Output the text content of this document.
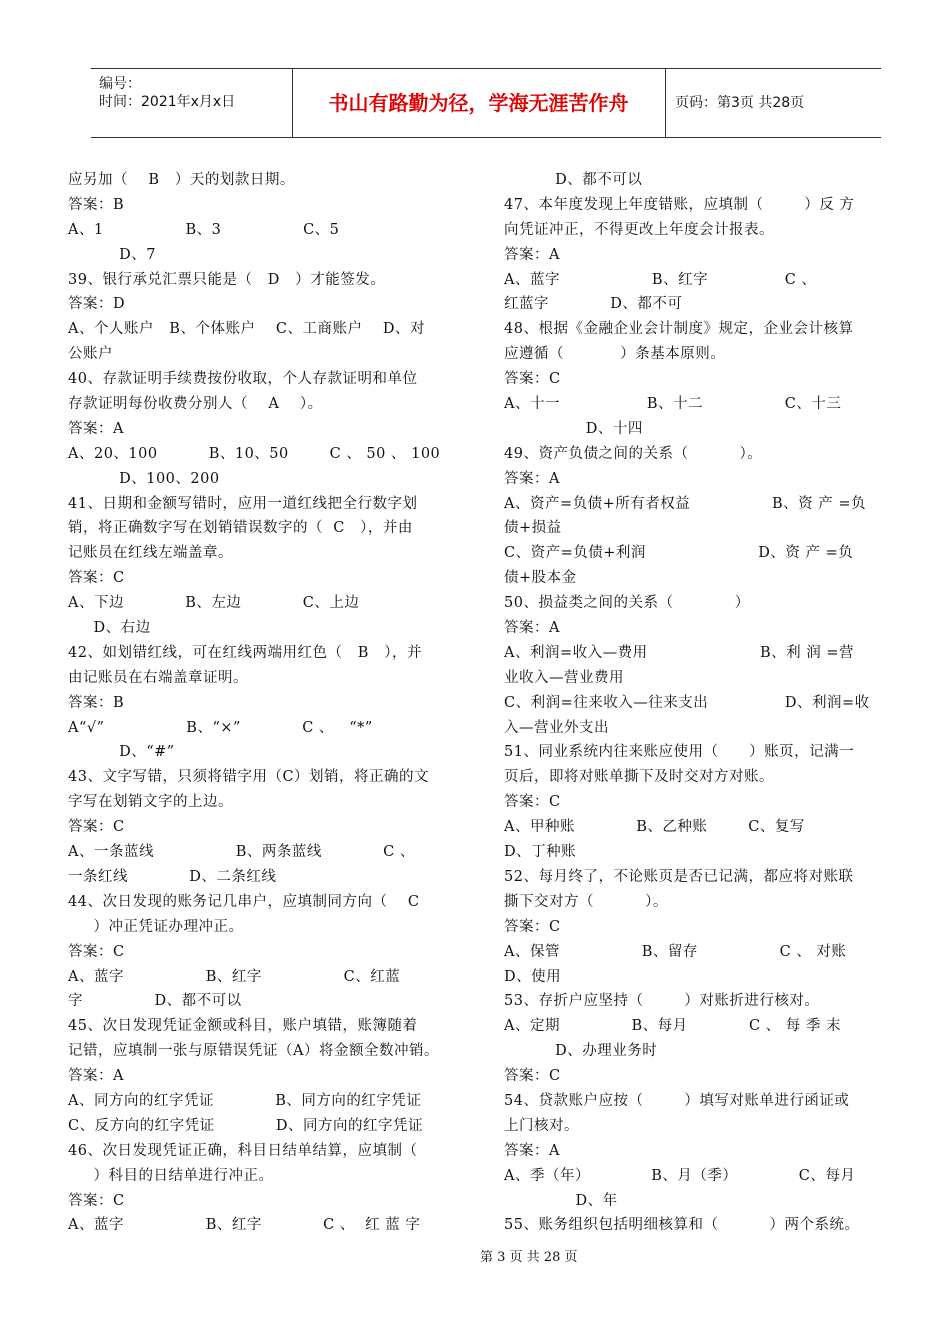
编号：
时间：2021年x月x日	书山有路勤为径，学海无涯苦作舟	页码：第3页 共28页
应另加（    B   ）天的划款日期。
答案：B
A、1                B、3                C、5
D、7
39、银行承兑汇票只能是（   D   ）才能签发。
答案：D
A、个人账户   B、个体账户    C、工商账户    D、对
公账户
40、存款证明手续费按份收取，个人存款证明和单位
存款证明每份收费分别人（    A    ）。
答案：A
A、20、100          B、10、50        C 、 50 、 100
D、100、200
41、日期和金额写错时，应用一道红线把全行数字划
销，将正确数字写在划销错误数字的（  C   ），并由
记账员在红线左端盖章。
答案：C
A、下边            B、左边            C、上边
D、右边
42、如划错红线，可在红线两端用红色（   B   ），并
由记账员在右端盖章证明。
答案：B
A“√”                B、“×”            C 、   “*”
D、“#”
43、文字写错，只须将错字用（C）划销，将正确的文
字写在划销文字的上边。
答案：C
A、一条蓝线                B、两条蓝线            C 、
一条红线            D、二条红线
44、次日发现的账务记几串户，应填制同方向（    C
）冲正凭证办理冲正。
答案：C
A、蓝字                B、红字                C、红蓝
字              D、都不可以
45、次日发现凭证金额或科目，账户填错，账簿随着
记错，应填制一张与原错误凭证（A）将金额全数冲销。
答案：A
A、同方向的红字凭证            B、同方向的红字凭证
C、反方向的红字凭证            D、同方向的红字凭证
46、次日发现凭证正确，科目日结单结算，应填制（
）科目的日结单进行冲正。
答案：C
A、蓝字                B、红字            C 、  红 蓝 字
D、都不可以
47、本年度发现上年度错账，应填制（        ）反 方
向凭证冲正，不得更改上年度会计报表。
答案：A
A、蓝字                  B、红字               C 、
红蓝字            D、都不可
48、根据《金融企业会计制度》规定，企业会计核算
应遵循（           ）条基本原则。
答案：C
A、十一                 B、十二                C、十三
D、十四
49、资产负债之间的关系（          ）。
答案：A
A、资产=负债+所有者权益                B、资 产 =负
债+损益
C、资产=负债+利润                      D、资 产 =负
债+股本金
50、损益类之间的关系（            ）
答案：A
A、利润=收入—费用                      B、利 润 =营
业收入—营业费用
C、利润=往来收入—往来支出               D、利润=收
入—营业外支出
51、同业系统内往来账应使用（      ）账页，记满一
页后，即将对账单撕下及时交对方对账。
答案：C
A、甲种账            B、乙种账        C、复写
D、丁种账
52、每月终了，不论账页是否已记满，都应将对账联
撕下交对方（          ）。
答案：C
A、保管                B、留存                C 、 对账
D、使用
53、存折户应坚持（        ）对账折进行核对。
A、定期              B、每月            C 、 每 季 末
D、办理业务时
答案：C
54、贷款账户应按（        ）填写对账单进行函证或
上门核对。
答案：A
A、季（年）            B、月（季）            C、每月
D、年
55、账务组织包括明细核算和（          ）两个系统。
第 3 页 共 28 页
